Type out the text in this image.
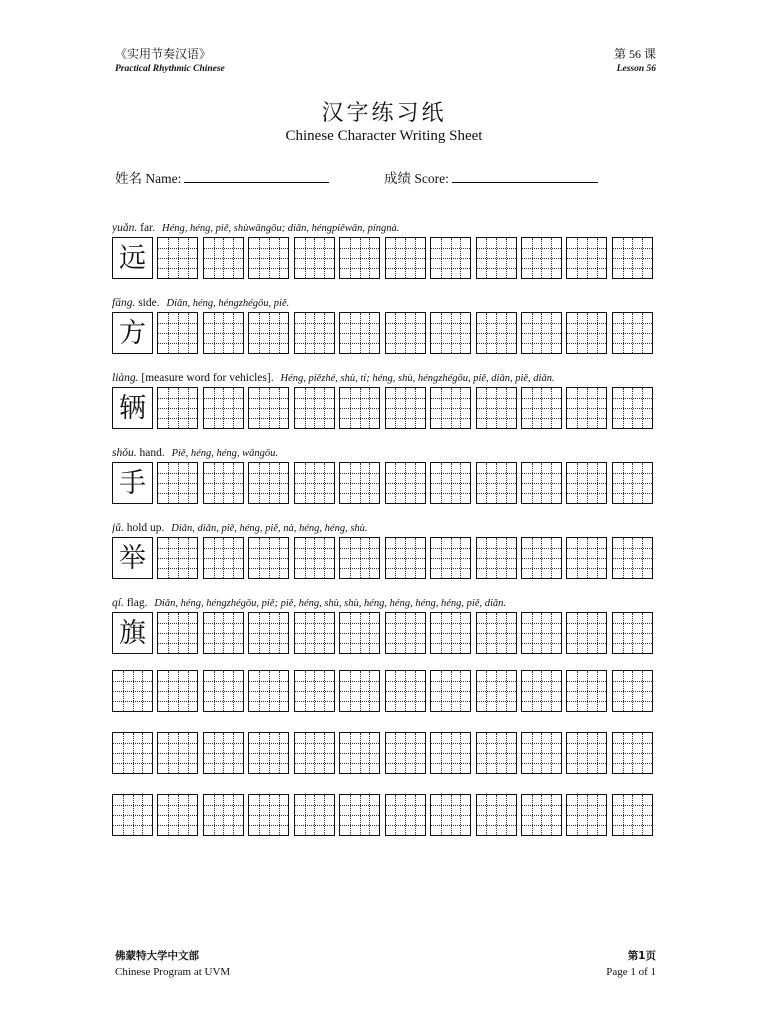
《实用节奏汉语》
Practical Rhythmic Chinese
第 56 课
Lesson 56
汉字练习纸
Chinese Character Writing Sheet
姓名 Name:	成绩 Score:
yuǎn. far. Héng, héng, piě, shùwāngōu; diǎn, héngpiěwān, píngnà.
远
fāng. side. Diǎn, héng, héngzhégōu, piě.
方
liàng. [measure word for vehicles]. Héng, piězhé, shù, tí; héng, shù, héngzhégōu, piě, diǎn, piě, diǎn.
辆
shǒu. hand. Piě, héng, héng, wāngōu.
手
jǔ. hold up. Diǎn, diǎn, piě, héng, piě, nà, héng, héng, shù.
举
qí. flag. Diǎn, héng, héngzhégōu, piě; piě, héng, shù, shù, héng, héng, héng, héng, piě, diǎn.
旗
佛蒙特大学中文部
Chinese Program at UVM
第1页
Page 1 of 1
